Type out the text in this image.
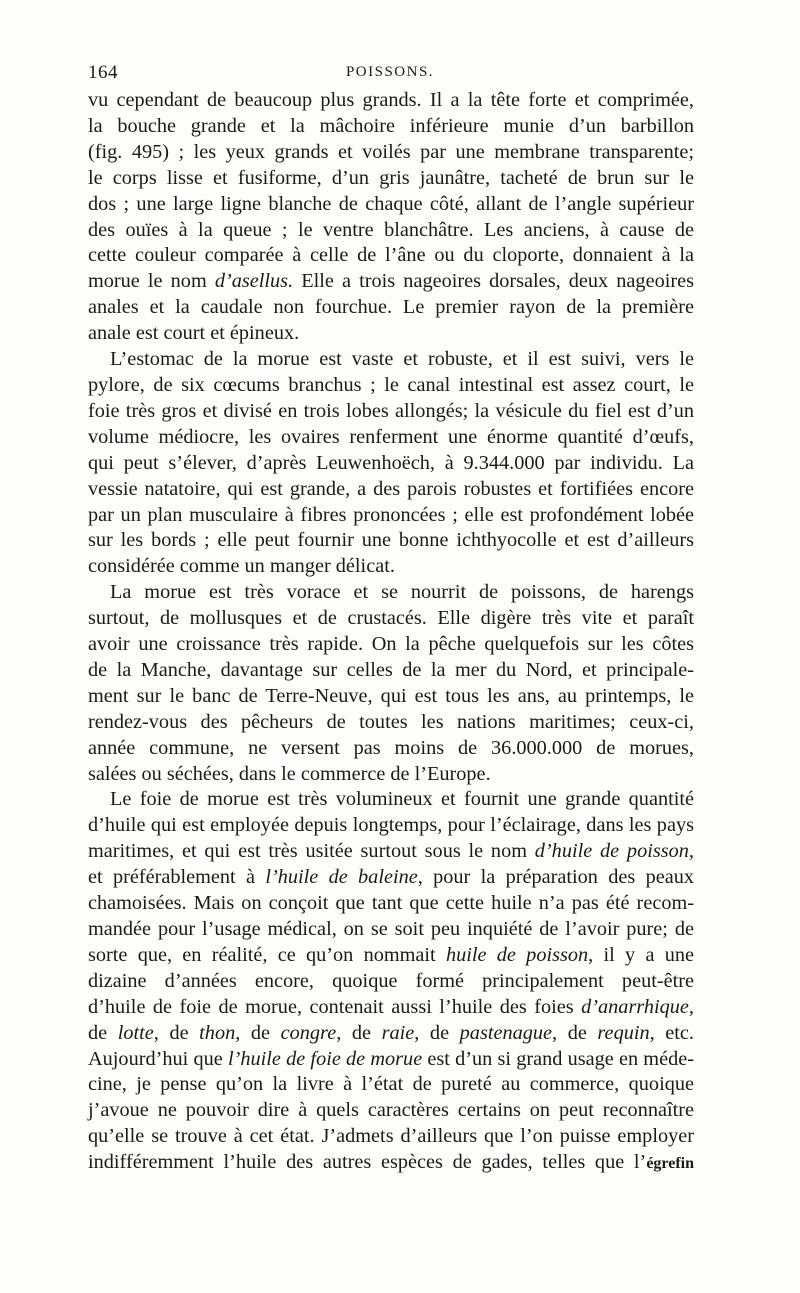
164	POISSONS.
vu cependant de beaucoup plus grands. Il a la tête forte et comprimée,
la bouche grande et la mâchoire inférieure munie d’un barbillon
(fig. 495) ; les yeux grands et voilés par une membrane transparente;
le corps lisse et fusiforme, d’un gris jaunâtre, tacheté de brun sur le
dos ; une large ligne blanche de chaque côté, allant de l’angle supérieur
des ouïes à la queue ; le ventre blanchâtre. Les anciens, à cause de
cette couleur comparée à celle de l’âne ou du cloporte, donnaient à la
morue le nom d’asellus. Elle a trois nageoires dorsales, deux nageoires
anales et la caudale non fourchue. Le premier rayon de la première
anale est court et épineux.
L’estomac de la morue est vaste et robuste, et il est suivi, vers le
pylore, de six cœcums branchus ; le canal intestinal est assez court, le
foie très gros et divisé en trois lobes allongés; la vésicule du fiel est d’un
volume médiocre, les ovaires renferment une énorme quantité d’œufs,
qui peut s’élever, d’après Leuwenhoëch, à 9.344.000 par individu. La
vessie natatoire, qui est grande, a des parois robustes et fortifiées encore
par un plan musculaire à fibres prononcées ; elle est profondément lobée
sur les bords ; elle peut fournir une bonne ichthyocolle et est d’ailleurs
considérée comme un manger délicat.
La morue est très vorace et se nourrit de poissons, de harengs
surtout, de mollusques et de crustacés. Elle digère très vite et paraît
avoir une croissance très rapide. On la pêche quelquefois sur les côtes
de la Manche, davantage sur celles de la mer du Nord, et principale-
ment sur le banc de Terre-Neuve, qui est tous les ans, au printemps, le
rendez-vous des pêcheurs de toutes les nations maritimes; ceux-ci,
année commune, ne versent pas moins de 36.000.000 de morues,
salées ou séchées, dans le commerce de l’Europe.
Le foie de morue est très volumineux et fournit une grande quantité
d’huile qui est employée depuis longtemps, pour l’éclairage, dans les pays
maritimes, et qui est très usitée surtout sous le nom d’huile de poisson,
et préférablement à l’huile de baleine, pour la préparation des peaux
chamoisées. Mais on conçoit que tant que cette huile n’a pas été recom-
mandée pour l’usage médical, on se soit peu inquiété de l’avoir pure; de
sorte que, en réalité, ce qu’on nommait huile de poisson, il y a une
dizaine d’années encore, quoique formé principalement peut-être
d’huile de foie de morue, contenait aussi l’huile des foies d’anarrhique,
de lotte, de thon, de congre, de raie, de pastenague, de requin, etc.
Aujourd’hui que l’huile de foie de morue est d’un si grand usage en méde-
cine, je pense qu’on la livre à l’état de pureté au commerce, quoique
j’avoue ne pouvoir dire à quels caractères certains on peut reconnaître
qu’elle se trouve à cet état. J’admets d’ailleurs que l’on puisse employer
indifféremment l’huile des autres espèces de gades, telles que l’égrefin
